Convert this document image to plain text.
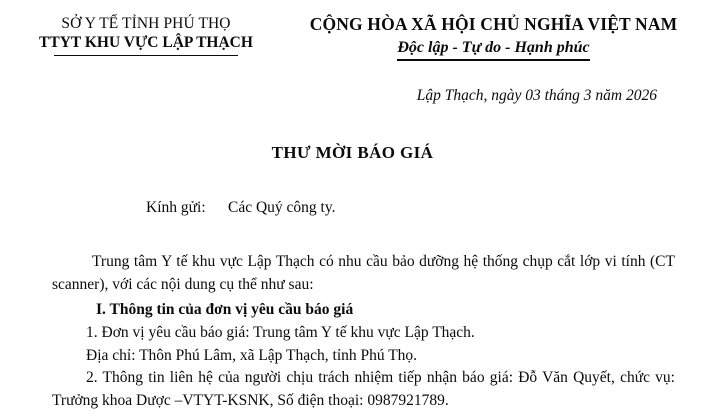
SỞ Y TẾ TỈNH PHÚ THỌ
TTYT KHU VỰC LẬP THẠCH
CỘNG HÒA XÃ HỘI CHỦ NGHĨA VIỆT NAM
Độc lập - Tự do - Hạnh phúc
Lập Thạch, ngày 03 tháng 3 năm 2026
THƯ MỜI BÁO GIÁ
Kính gửi: Các Quý công ty.
Trung tâm Y tế khu vực Lập Thạch có nhu cầu bảo dưỡng hệ thống chụp cắt lớp vi tính (CT scanner), với các nội dung cụ thể như sau:
I. Thông tin của đơn vị yêu cầu báo giá
1. Đơn vị yêu cầu báo giá: Trung tâm Y tế khu vực Lập Thạch.
Địa chỉ: Thôn Phú Lâm, xã Lập Thạch, tỉnh Phú Thọ.
2. Thông tin liên hệ của người chịu trách nhiệm tiếp nhận báo giá: Đỗ Văn Quyết, chức vụ: Trưởng khoa Dược –VTYT-KSNK, Số điện thoại: 0987921789.
